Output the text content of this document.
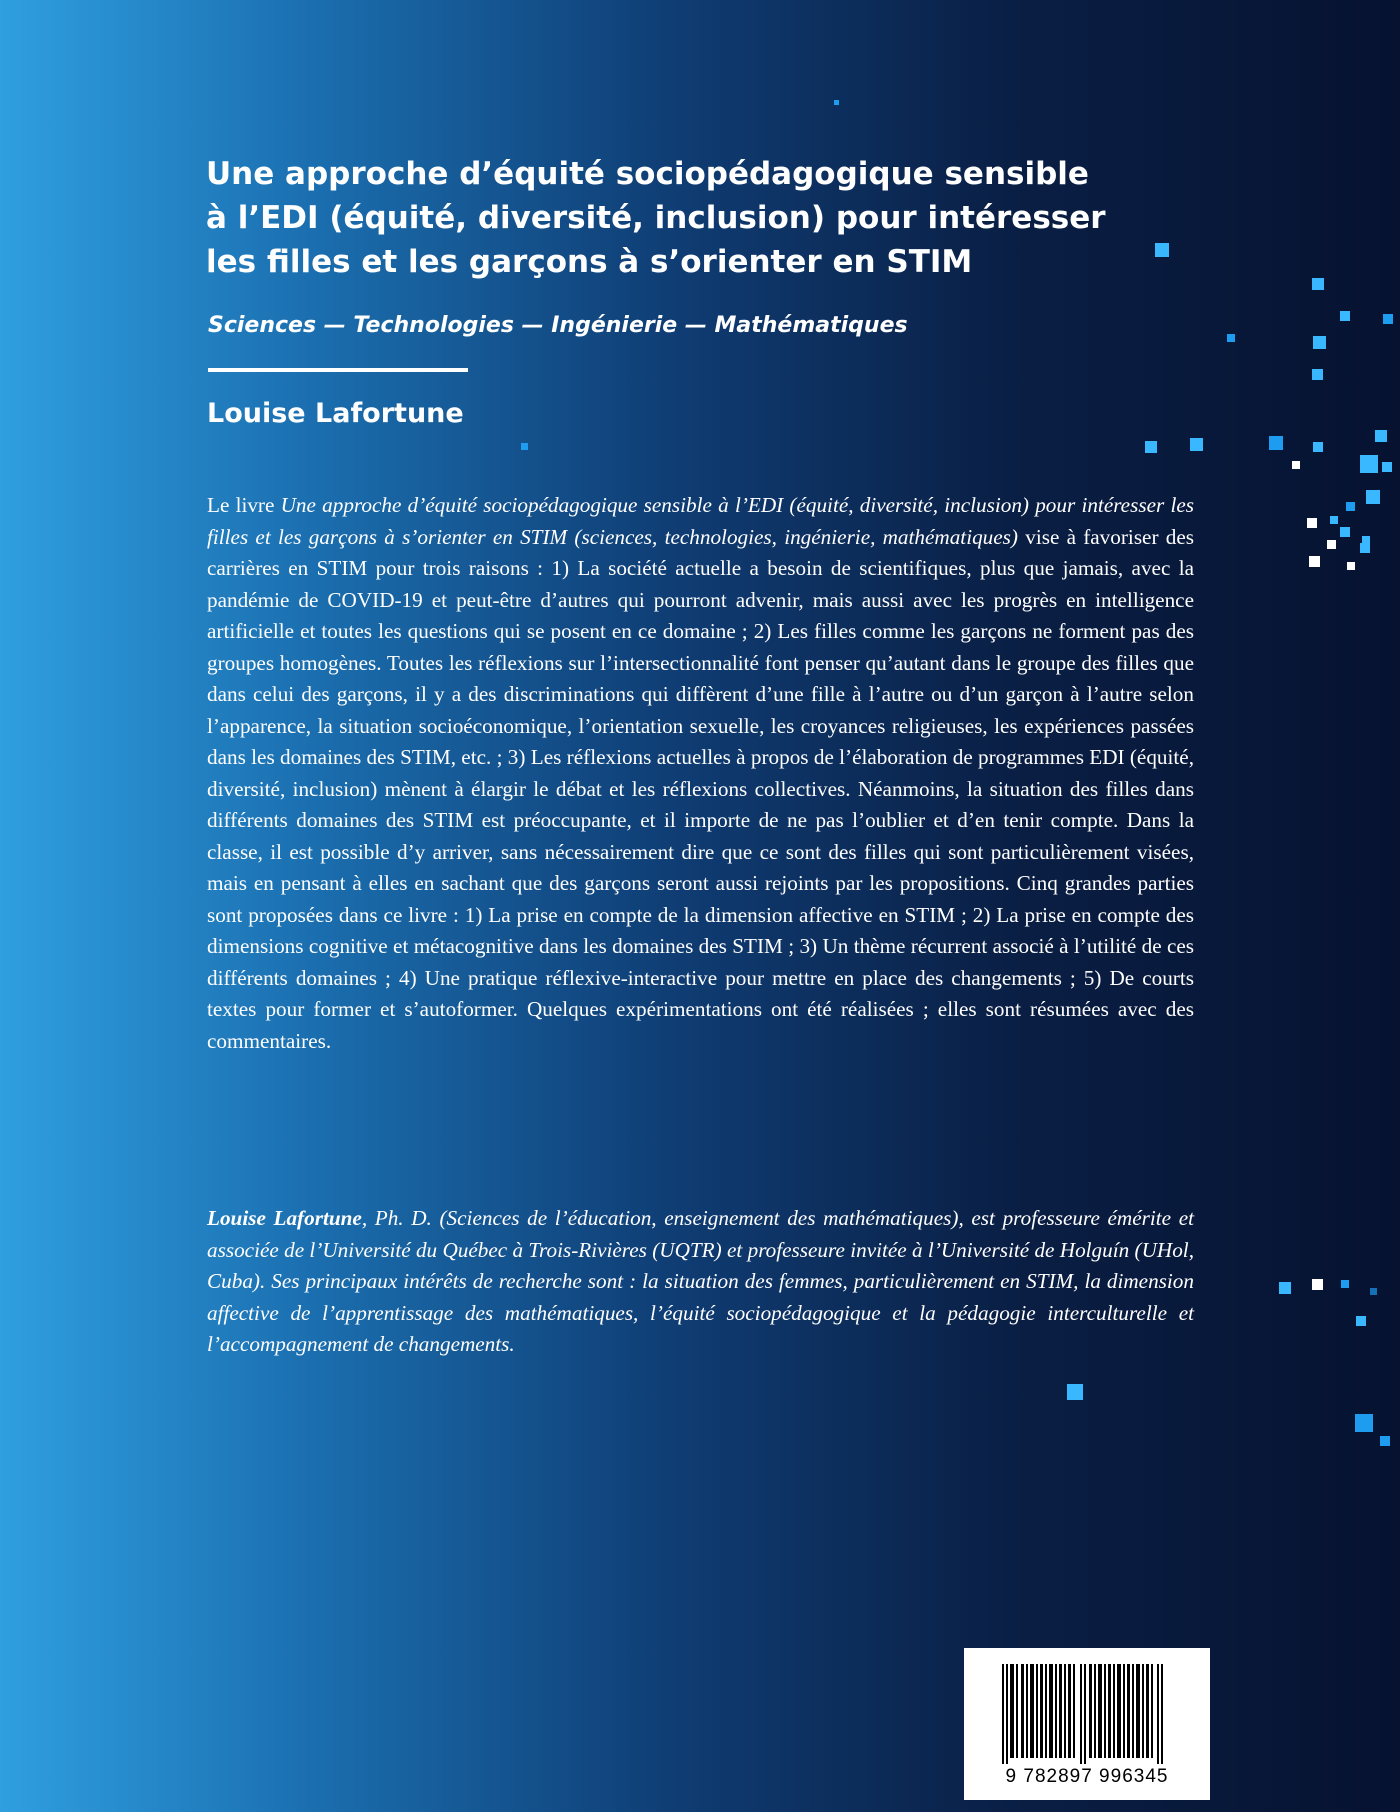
Une approche d’équité sociopédagogique sensible
à l’EDI (équité, diversité, inclusion) pour intéresser
les filles et les garçons à s’orienter en STIM
Sciences — Technologies — Ingénierie — Mathématiques
Louise Lafortune

Le livre Une approche d’équité sociopédagogique sensible à l’EDI (équité, diversité, inclusion) pour intéresser les filles et les garçons à s’orienter en STIM (sciences, technologies, ingénierie, mathématiques) vise à favoriser des carrières en STIM pour trois raisons : 1) La société actuelle a besoin de scientifiques, plus que jamais, avec la pandémie de COVID-19 et peut-être d’autres qui pourront advenir, mais aussi avec les progrès en intelligence artificielle et toutes les questions qui se posent en ce domaine ; 2) Les filles comme les garçons ne forment pas des groupes homogènes. Toutes les réflexions sur l’intersectionnalité font penser qu’autant dans le groupe des filles que dans celui des garçons, il y a des discriminations qui diffèrent d’une fille à l’autre ou d’un garçon à l’autre selon l’apparence, la situation socioéconomique, l’orientation sexuelle, les croyances religieuses, les expériences passées dans les domaines des STIM, etc. ; 3) Les réflexions actuelles à propos de l’élaboration de programmes EDI (équité, diversité, inclusion) mènent à élargir le débat et les réflexions collectives. Néanmoins, la situation des filles dans différents domaines des STIM est préoccupante, et il importe de ne pas l’oublier et d’en tenir compte. Dans la classe, il est possible d’y arriver, sans nécessairement dire que ce sont des filles qui sont particulièrement visées, mais en pensant à elles en sachant que des garçons seront aussi rejoints par les propositions. Cinq grandes parties sont proposées dans ce livre : 1) La prise en compte de la dimension affective en STIM ; 2) La prise en compte des dimensions cognitive et métacognitive dans les domaines des STIM ; 3) Un thème récurrent associé à l’utilité de ces différents domaines ; 4) Une pratique réflexive-interactive pour mettre en place des changements ; 5) De courts textes pour former et s’autoformer. Quelques expérimentations ont été réalisées ; elles sont résumées avec des commentaires.

Louise Lafortune, Ph. D. (Sciences de l’éducation, enseignement des mathématiques), est professeure émérite et associée de l’Université du Québec à Trois-Rivières (UQTR) et professeure invitée à l’Université de Holguín (UHol, Cuba). Ses principaux intérêts de recherche sont : la situation des femmes, particulièrement en STIM, la dimension affective de l’apprentissage des mathématiques, l’équité sociopédagogique et la pédagogie interculturelle et l’accompagnement de changements.

9 782897 996345
